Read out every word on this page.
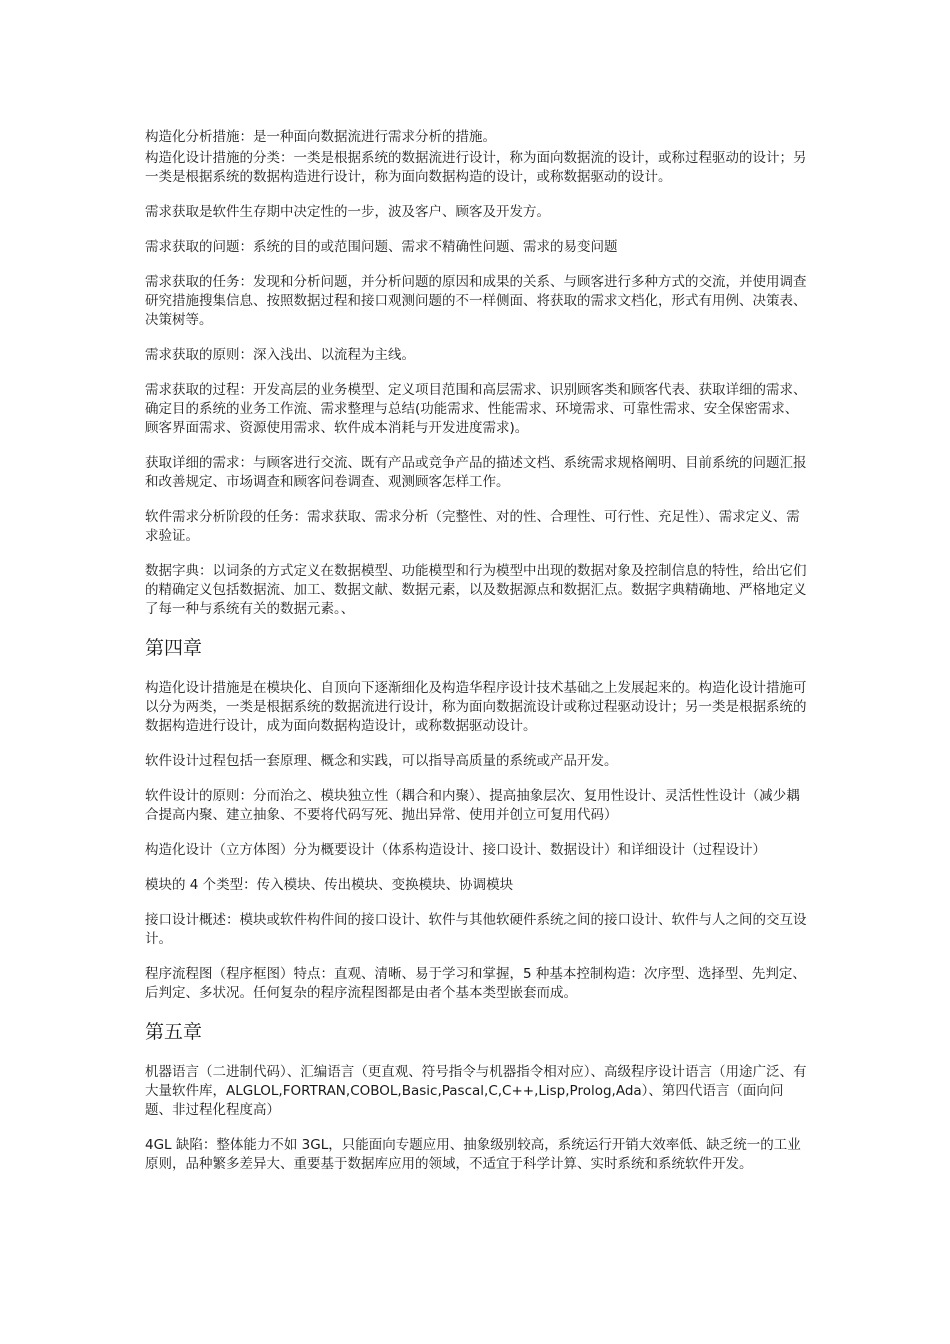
构造化分析措施：是一种面向数据流进行需求分析的措施。

构造化设计措施的分类：一类是根据系统的数据流进行设计，称为面向数据流的设计，或称过程驱动的设计；另一类是根据系统的数据构造进行设计，称为面向数据构造的设计，或称数据驱动的设计。

需求获取是软件生存期中决定性的一步，波及客户、顾客及开发方。

需求获取的问题：系统的目的或范围问题、需求不精确性问题、需求的易变问题

需求获取的任务：发现和分析问题，并分析问题的原因和成果的关系、与顾客进行多种方式的交流，并使用调查研究措施搜集信息、按照数据过程和接口观测问题的不一样侧面、将获取的需求文档化，形式有用例、决策表、决策树等。

需求获取的原则：深入浅出、以流程为主线。

需求获取的过程：开发高层的业务模型、定义项目范围和高层需求、识别顾客类和顾客代表、获取详细的需求、确定目的系统的业务工作流、需求整理与总结(功能需求、性能需求、环境需求、可靠性需求、安全保密需求、顾客界面需求、资源使用需求、软件成本消耗与开发进度需求)。

获取详细的需求：与顾客进行交流、既有产品或竞争产品的描述文档、系统需求规格阐明、目前系统的问题汇报和改善规定、市场调查和顾客问卷调查、观测顾客怎样工作。

软件需求分析阶段的任务：需求获取、需求分析（完整性、对的性、合理性、可行性、充足性）、需求定义、需求验证。

数据字典：以词条的方式定义在数据模型、功能模型和行为模型中出现的数据对象及控制信息的特性，给出它们的精确定义包括数据流、加工、数据文献、数据元素，以及数据源点和数据汇点。数据字典精确地、严格地定义了每一种与系统有关的数据元素。、

第四章

构造化设计措施是在模块化、自顶向下逐渐细化及构造华程序设计技术基础之上发展起来的。构造化设计措施可以分为两类，一类是根据系统的数据流进行设计，称为面向数据流设计或称过程驱动设计；另一类是根据系统的数据构造进行设计，成为面向数据构造设计，或称数据驱动设计。

软件设计过程包括一套原理、概念和实践，可以指导高质量的系统或产品开发。

软件设计的原则：分而治之、模块独立性（耦合和内聚）、提高抽象层次、复用性设计、灵活性性设计（减少耦合提高内聚、建立抽象、不要将代码写死、抛出异常、使用并创立可复用代码）

构造化设计（立方体图）分为概要设计（体系构造设计、接口设计、数据设计）和详细设计（过程设计）

模块的 4 个类型：传入模块、传出模块、变换模块、协调模块

接口设计概述：模块或软件构件间的接口设计、软件与其他软硬件系统之间的接口设计、软件与人之间的交互设计。

程序流程图（程序框图）特点：直观、清晰、易于学习和掌握，5 种基本控制构造：次序型、选择型、先判定、后判定、多状况。任何复杂的程序流程图都是由者个基本类型嵌套而成。

第五章

机器语言（二进制代码）、汇编语言（更直观、符号指令与机器指令相对应）、高级程序设计语言（用途广泛、有大量软件库，ALGLOL,FORTRAN,COBOL,Basic,Pascal,C,C++,Lisp,Prolog,Ada）、第四代语言（面向问题、非过程化程度高）

4GL 缺陷：整体能力不如 3GL，只能面向专题应用、抽象级别较高，系统运行开销大效率低、缺乏统一的工业原则，品种繁多差异大、重要基于数据库应用的领域，不适宜于科学计算、实时系统和系统软件开发。
